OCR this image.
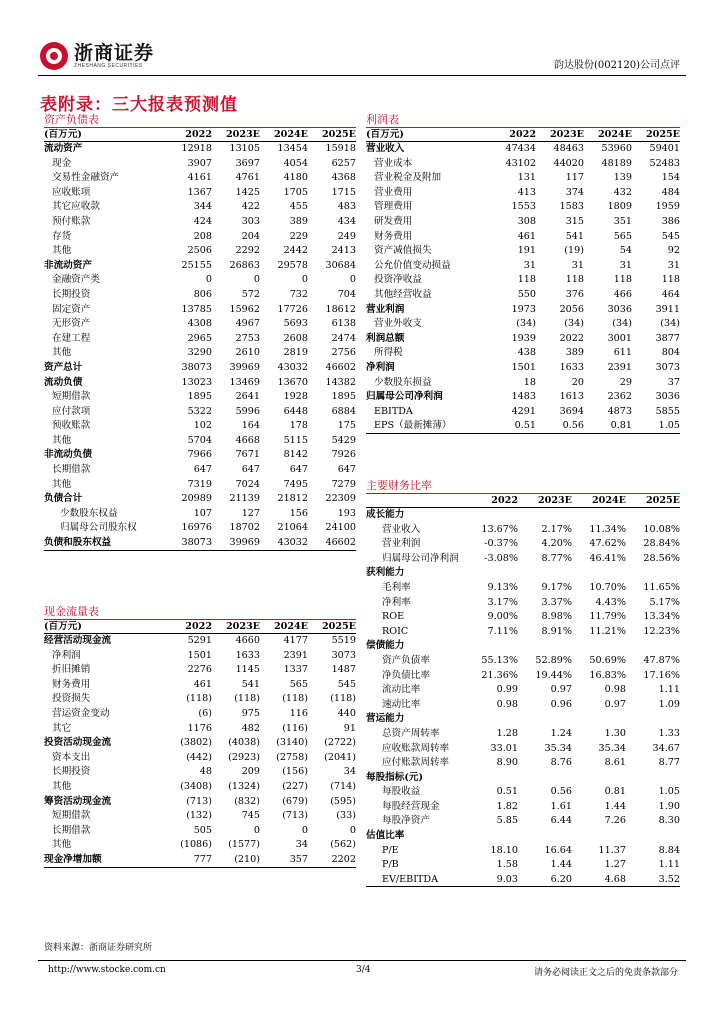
浙商证券
ZHESHANG SECURITIES	韵达股份(002120)公司点评
表附录：三大报表预测值
资产负债表
(百万元)	2022	2023E	2024E	2025E
流动资产	12918	13105	13454	15918
现金	3907	3697	4054	6257
交易性金融资产	4161	4761	4180	4368
应收账项	1367	1425	1705	1715
其它应收款	344	422	455	483
预付账款	424	303	389	434
存货	208	204	229	249
其他	2506	2292	2442	2413
非流动资产	25155	26863	29578	30684
金融资产类	0	0	0	0
长期投资	806	572	732	704
固定资产	13785	15962	17726	18612
无形资产	4308	4967	5693	6138
在建工程	2965	2753	2608	2474
其他	3290	2610	2819	2756
资产总计	38073	39969	43032	46602
流动负债	13023	13469	13670	14382
短期借款	1895	2641	1928	1895
应付款项	5322	5996	6448	6884
预收账款	102	164	178	175
其他	5704	4668	5115	5429
非流动负债	7966	7671	8142	7926
长期借款	647	647	647	647
其他	7319	7024	7495	7279
负债合计	20989	21139	21812	22309
少数股东权益	107	127	156	193
归属母公司股东权	16976	18702	21064	24100
负债和股东权益	38073	39969	43032	46602
现金流量表
(百万元)	2022	2023E	2024E	2025E
经营活动现金流	5291	4660	4177	5519
净利润	1501	1633	2391	3073
折旧摊销	2276	1145	1337	1487
财务费用	461	541	565	545
投资损失	(118)	(118)	(118)	(118)
营运资金变动	(6)	975	116	440
其它	1176	482	(116)	91
投资活动现金流	(3802)	(4038)	(3140)	(2722)
资本支出	(442)	(2923)	(2758)	(2041)
长期投资	48	209	(156)	34
其他	(3408)	(1324)	(227)	(714)
筹资活动现金流	(713)	(832)	(679)	(595)
短期借款	(132)	745	(713)	(33)
长期借款	505	0	0	0
其他	(1086)	(1577)	34	(562)
现金净增加额	777	(210)	357	2202
利润表
(百万元)	2022	2023E	2024E	2025E
营业收入	47434	48463	53960	59401
营业成本	43102	44020	48189	52483
营业税金及附加	131	117	139	154
营业费用	413	374	432	484
管理费用	1553	1583	1809	1959
研发费用	308	315	351	386
财务费用	461	541	565	545
资产减值损失	191	(19)	54	92
公允价值变动损益	31	31	31	31
投资净收益	118	118	118	118
其他经营收益	550	376	466	464
营业利润	1973	2056	3036	3911
营业外收支	(34)	(34)	(34)	(34)
利润总额	1939	2022	3001	3877
所得税	438	389	611	804
净利润	1501	1633	2391	3073
少数股东损益	18	20	29	37
归属母公司净利润	1483	1613	2362	3036
EBITDA	4291	3694	4873	5855
EPS（最新摊薄）	0.51	0.56	0.81	1.05
主要财务比率
2022	2023E	2024E	2025E
成长能力
营业收入	13.67%	2.17%	11.34%	10.08%
营业利润	-0.37%	4.20%	47.62%	28.84%
归属母公司净利润	-3.08%	8.77%	46.41%	28.56%
获利能力
毛利率	9.13%	9.17%	10.70%	11.65%
净利率	3.17%	3.37%	4.43%	5.17%
ROE	9.00%	8.98%	11.79%	13.34%
ROIC	7.11%	8.91%	11.21%	12.23%
偿债能力
资产负债率	55.13%	52.89%	50.69%	47.87%
净负债比率	21.36%	19.44%	16.83%	17.16%
流动比率	0.99	0.97	0.98	1.11
速动比率	0.98	0.96	0.97	1.09
营运能力
总资产周转率	1.28	1.24	1.30	1.33
应收账款周转率	33.01	35.34	35.34	34.67
应付账款周转率	8.90	8.76	8.61	8.77
每股指标(元)
每股收益	0.51	0.56	0.81	1.05
每股经营现金	1.82	1.61	1.44	1.90
每股净资产	5.85	6.44	7.26	8.30
估值比率
P/E	18.10	16.64	11.37	8.84
P/B	1.58	1.44	1.27	1.11
EV/EBITDA	9.03	6.20	4.68	3.52
资料来源：浙商证券研究所
http://www.stocke.com.cn	3/4	请务必阅读正文之后的免责条款部分
